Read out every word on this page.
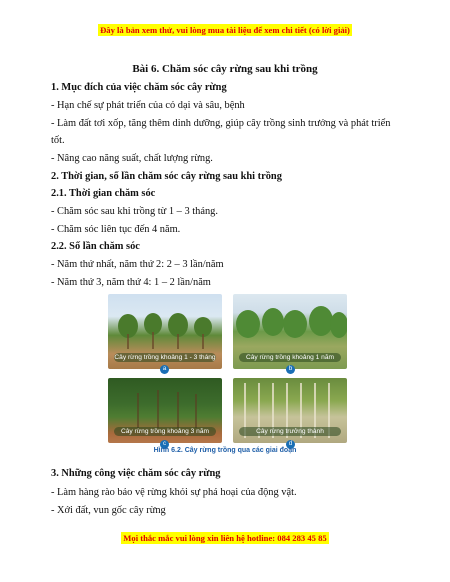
Đây là bản xem thử, vui lòng mua tài liệu để xem chi tiết (có lời giải)
Bài 6. Chăm sóc cây rừng sau khi trồng
1. Mục đích của việc chăm sóc cây rừng
- Hạn chế sự phát triển của cỏ dại và sâu, bệnh
- Làm đất tơi xốp, tăng thêm dinh dưỡng, giúp cây trồng sinh trưởng và phát triển
tốt.
- Nâng cao năng suất, chất lượng rừng.
2. Thời gian, số lần chăm sóc cây rừng sau khi trồng
2.1. Thời gian chăm sóc
- Chăm sóc sau khi trồng từ 1 – 3 tháng.
- Chăm sóc liên tục đến 4 năm.
2.2. Số lần chăm sóc
- Năm thứ nhất, năm thứ 2: 2 – 3 lần/năm
- Năm thứ 3, năm thứ 4: 1 – 2 lần/năm
Cây rừng trồng khoảng 1 - 3 tháng
a
Cây rừng trồng khoảng 1 năm
b
Cây rừng trồng khoảng 3 năm
c
Cây rừng trưởng thành
d
Hình 6.2. Cây rừng trồng qua các giai đoạn
3. Những công việc chăm sóc cây rừng
- Làm hàng rào bảo vệ rừng khỏi sự phá hoại của động vật.
- Xới đất, vun gốc cây rừng
Mọi thắc mắc vui lòng xin liên hệ hotline: 084 283 45 85
